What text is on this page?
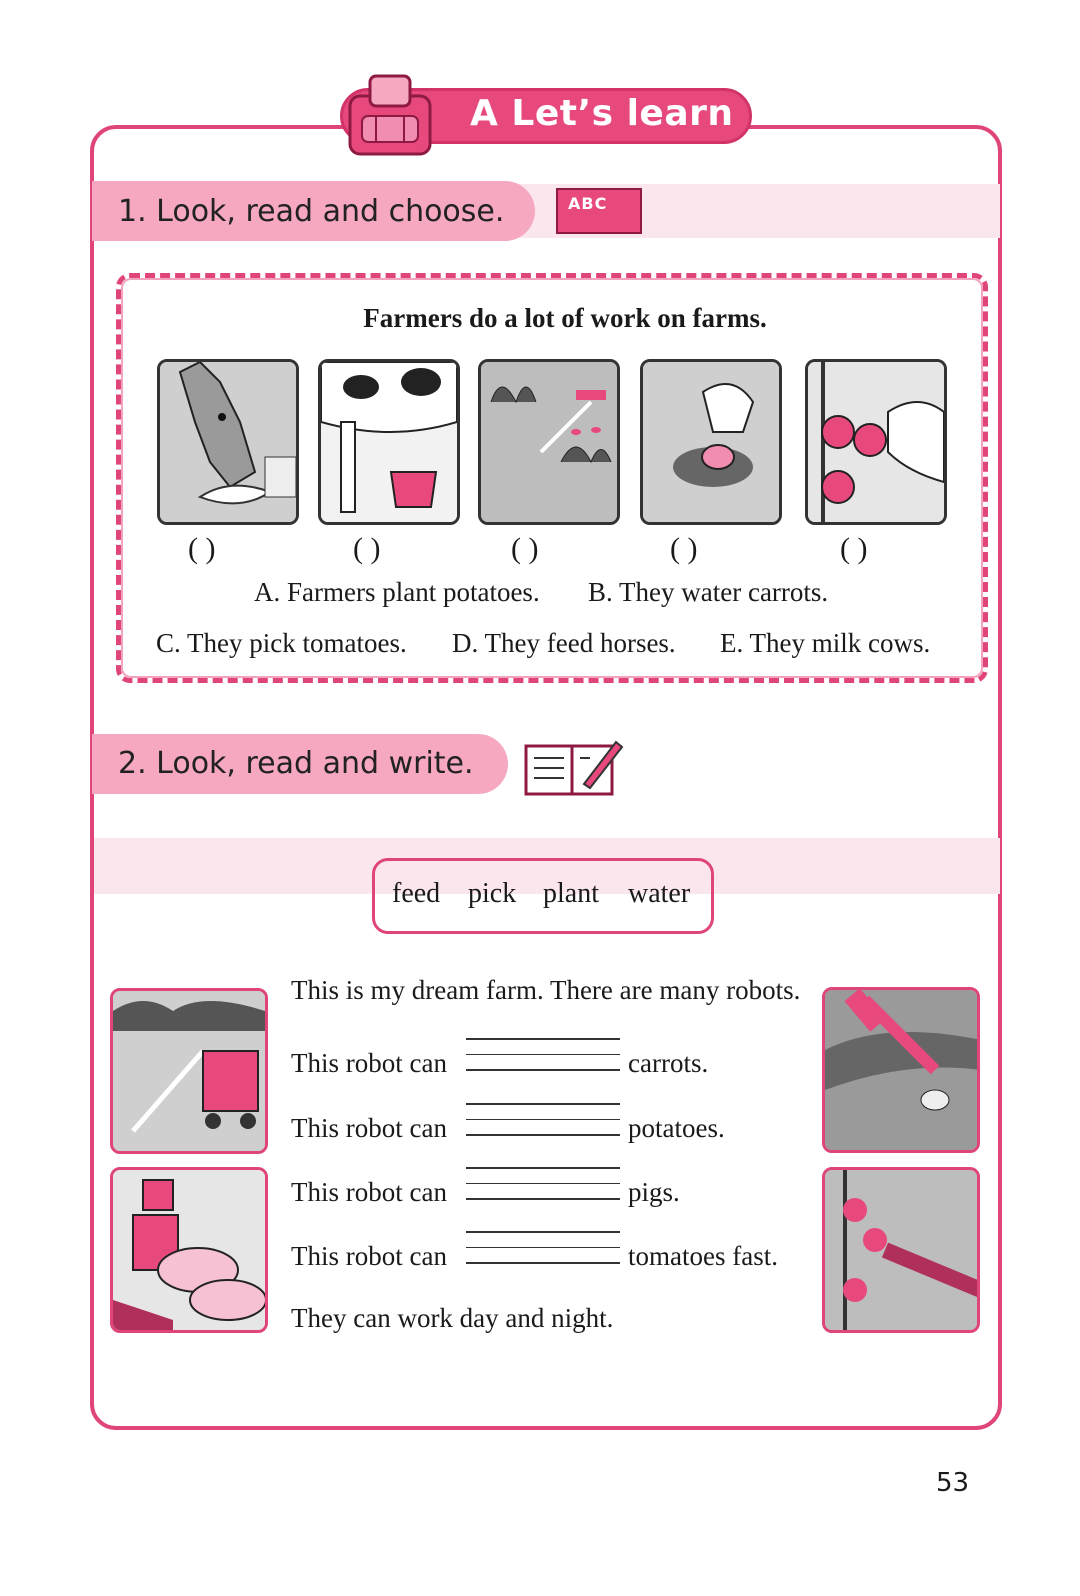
A Let’s learn
1. Look, read and choose.	ABC
Farmers do a lot of work on farms.
( )	( )	( )	( )	( )
A. Farmers plant potatoes. B. They water carrots.
C. They pick tomatoes. D. They feed horses. E. They milk cows.
2. Look, read and write.
feed pick plant water
This is my dream farm. There are many robots.
This robot can	carrots.
This robot can	potatoes.
This robot can	pigs.
This robot can	tomatoes fast.
They can work day and night.
53
